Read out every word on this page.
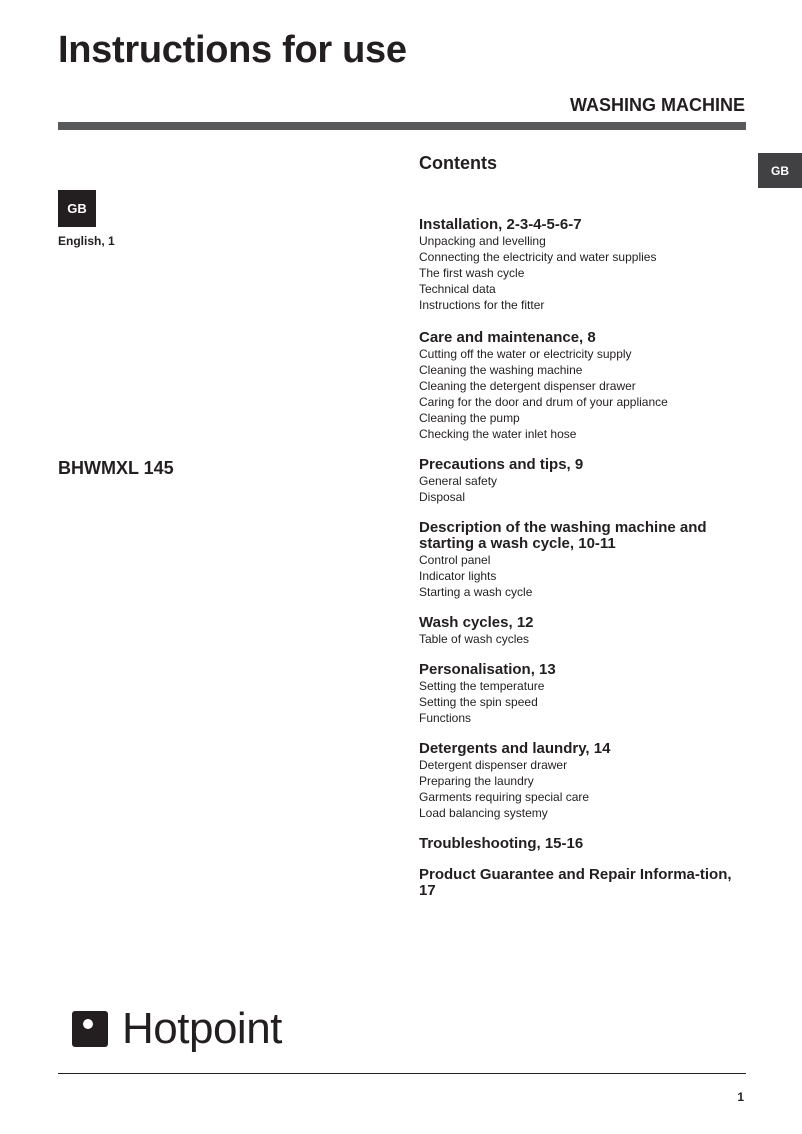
Instructions for use
WASHING MACHINE
GB
GB
English, 1
BHWMXL 145
Contents
Installation, 2-3-4-5-6-7
Unpacking and levelling
Connecting the electricity and water supplies
The first wash cycle
Technical data
Instructions for the fitter
Care and maintenance, 8
Cutting off the water or electricity supply
Cleaning the washing machine
Cleaning the detergent dispenser drawer
Caring for the door and drum of your appliance
Cleaning the pump
Checking the water inlet hose
Precautions and tips, 9
General safety
Disposal
Description of the washing machine and starting a wash cycle, 10-11
Control panel
Indicator lights
Starting a wash cycle
Wash cycles, 12
Table of wash cycles
Personalisation, 13
Setting the temperature
Setting the spin speed
Functions
Detergents and laundry, 14
Detergent dispenser drawer
Preparing the laundry
Garments requiring special care
Load balancing systemy
Troubleshooting, 15-16
Product Guarantee and Repair Informa-tion, 17
Hotpoint
1
